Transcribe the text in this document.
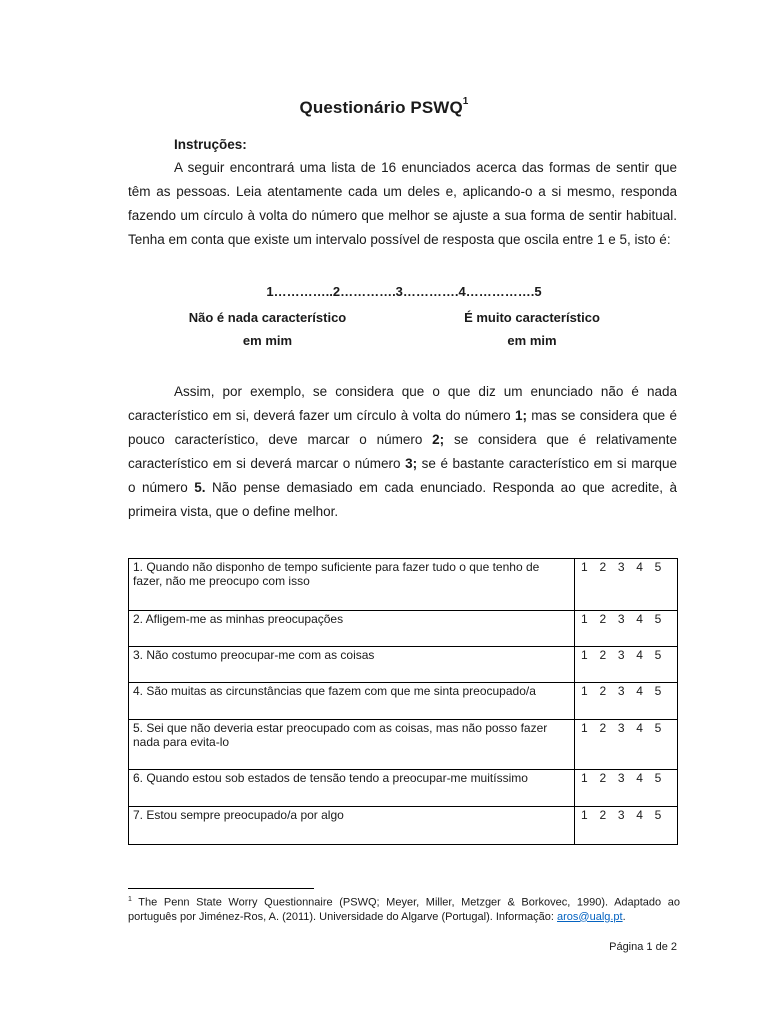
Questionário PSWQ$^1$
Instruções:

A seguir encontrará uma lista de 16 enunciados acerca das formas de sentir que têm as pessoas. Leia atentamente cada um deles e, aplicando-o a si mesmo, responda fazendo um círculo à volta do número que melhor se ajuste a sua forma de sentir habitual. Tenha em conta que existe um intervalo possível de resposta que oscila entre 1 e 5, isto é:

1…………..2………….3………….4…………….5
Não é nada característico
em mim
É muito característico
em mim

Assim, por exemplo, se considera que o que diz um enunciado não é nada característico em si, deverá fazer um círculo à volta do número 1; mas se considera que é pouco característico, deve marcar o número 2; se considera que é relativamente característico em si deverá marcar o número 3; se é bastante característico em si marque o número 5. Não pense demasiado em cada enunciado. Responda ao que acredite, à primeira vista, que o define melhor.

1. Quando não disponho de tempo suficiente para fazer tudo o que tenho de fazer, não me preocupo com isso	1 2 3 4 5
2. Afligem-me as minhas preocupações	1 2 3 4 5
3. Não costumo preocupar-me com as coisas	1 2 3 4 5
4. São muitas as circunstâncias que fazem com que me sinta preocupado/a	1 2 3 4 5
5. Sei que não deveria estar preocupado com as coisas, mas não posso fazer nada para evita-lo	1 2 3 4 5
6. Quando estou sob estados de tensão tendo a preocupar-me muitíssimo	1 2 3 4 5
7. Estou sempre preocupado/a por algo	1 2 3 4 5

$^1$ The Penn State Worry Questionnaire (PSWQ; Meyer, Miller, Metzger & Borkovec, 1990). Adaptado ao português por Jiménez-Ros, A. (2011). Universidade do Algarve (Portugal). Informação: aros@ualg.pt.

Página 1 de 2
